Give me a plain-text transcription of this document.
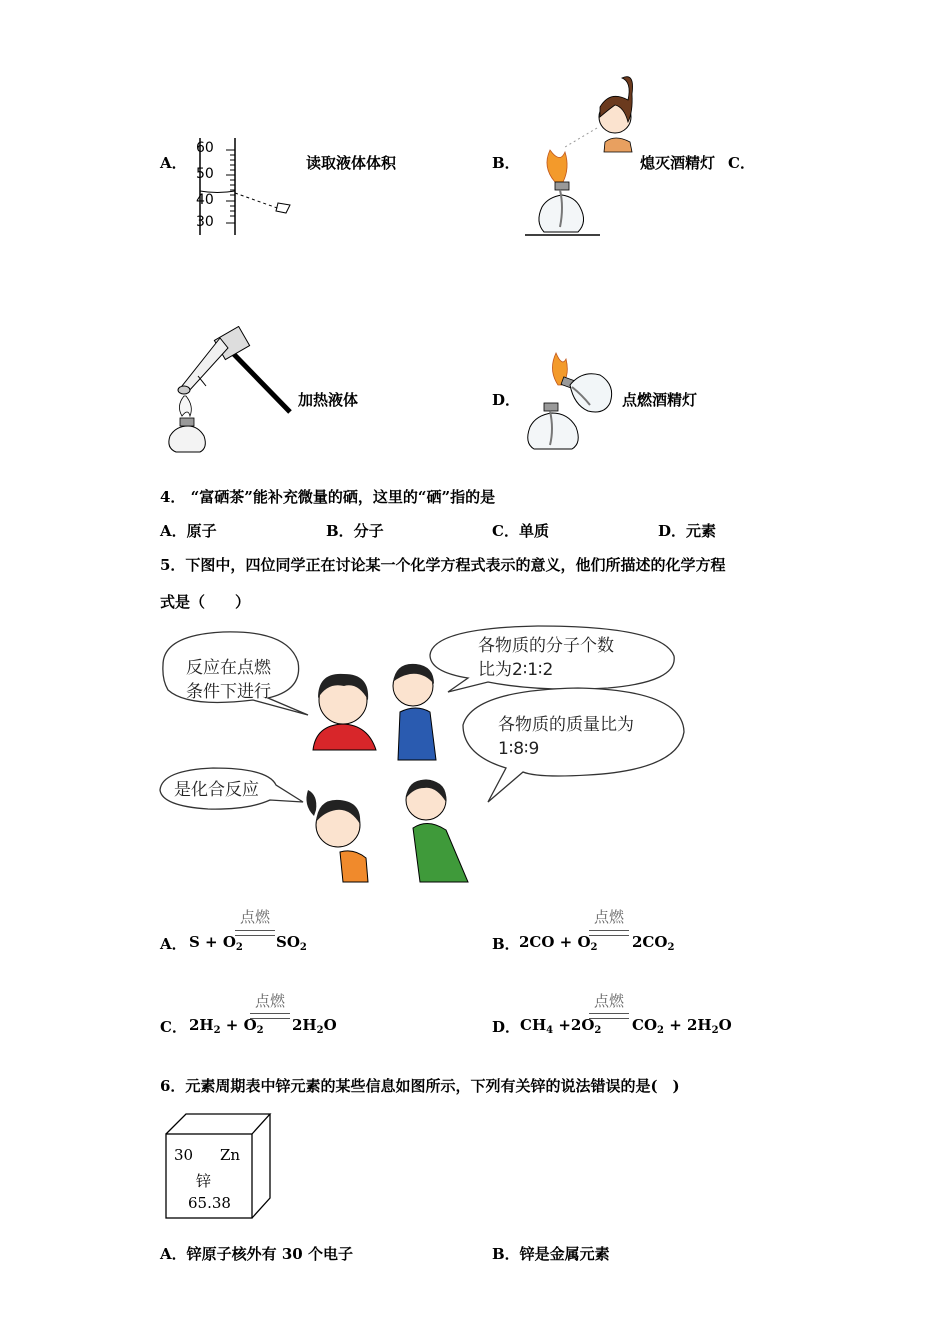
A．
60
50
40
30
读取液体体积	B．	熄灭酒精灯 C．
加热液体	D．	点燃酒精灯
4． “富硒茶”能补充微量的硒，这里的“硒”指的是
A．原子	B．分子	C．单质	D．元素
5．下图中，四位同学正在讨论某一个化学方程式表示的意义，他们所描述的化学方程
式是（　　）
反应在点燃
条件下进行
各物质的分子个数
比为2∶1∶2
各物质的质量比为
1∶8∶9
是化合反应
A． $S + O_2$
点燃
$SO_2$	B． $2CO + O_2$
点燃
$2CO_2$
C． $2H_2 + O_2$
点燃
$2H_2O$	D． $CH_4 +2O_2$
点燃
$CO_2 + 2H_2O$
6．元素周期表中锌元素的某些信息如图所示，下列有关锌的说法错误的是(　)
30 Zn
锌
65.38
A．锌原子核外有 30 个电子	B．锌是金属元素
